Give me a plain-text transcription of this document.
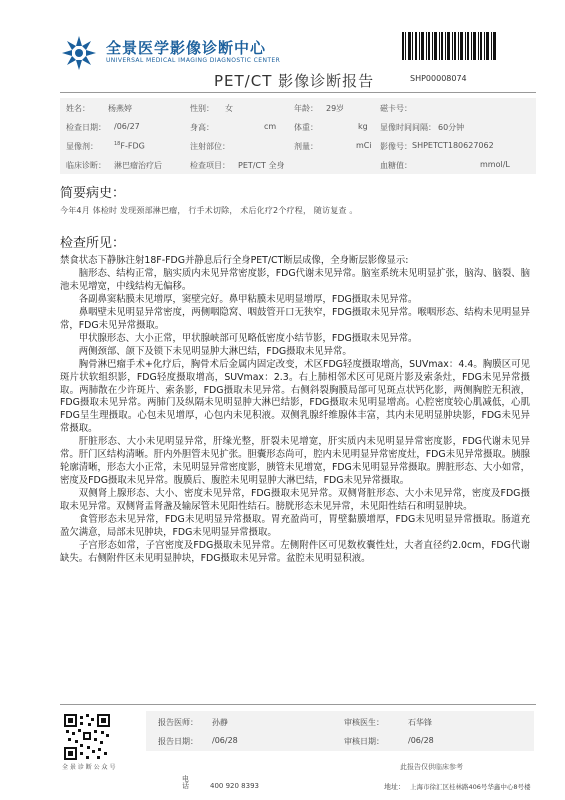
全景医学影像诊断中心
UNIVERSAL MEDICAL IMAGING DIAGNOSTIC CENTER
PET/CT 影像诊断报告	SHP00008074
姓名： 杨燕婷	性别： 女	年龄： 29岁	磁卡号：
检查日期： /06/27	身高：	cm 体重：	kg 显像时间间隔： 60分钟
显像剂：	$^{18}$F-FDG	注射部位：	剂量：	mCi 影像号： SHPETCT180627062
临床诊断： 淋巴瘤治疗后	检查项目： PET/CT 全身	血糖值：	mmol/L
简要病史：
今年4月 体检时 发现颈部淋巴瘤， 行手术切除， 术后化疗2个疗程， 随访复查 。
检查所见：

禁食状态下静脉注射18F-FDG并静息后行全身PET/CT断层成像，全身断层影像显示:

脑形态、结构正常，脑实质内未见异常密度影，FDG代谢未见异常。脑室系统未见明显扩张，脑沟、脑裂、脑池未见增宽，中线结构无偏移。

各副鼻窦粘膜未见增厚，窦壁完好。鼻甲粘膜未见明显增厚，FDG摄取未见异常。

鼻咽壁未见明显异常密度，两侧咽隐窝、咽鼓管开口无狭窄，FDG摄取未见异常。喉咽形态、结构未见明显异常，FDG未见异常摄取。

甲状腺形态、大小正常，甲状腺峡部可见略低密度小结节影，FDG摄取未见异常。

两侧颈部、颌下及锁下未见明显肿大淋巴结，FDG摄取未见异常。

胸骨淋巴瘤手术+化疗后，胸骨术后金属内固定改变，术区FDG轻度摄取增高，SUVmax：4.4。胸膜区可见斑片状软组织影，FDG轻度摄取增高，SUVmax：2.3。右上肺相邻术区可见斑片影及索条灶，FDG未见异常摄取。两肺散在少许斑片、索条影，FDG摄取未见异常。右侧斜裂胸膜局部可见斑点状钙化影，两侧胸腔无积液，FDG摄取未见异常。两肺门及纵隔未见明显肿大淋巴结影，FDG摄取未见明显增高。心腔密度较心肌减低，心肌FDG呈生理摄取。心包未见增厚，心包内未见积液。双侧乳腺纤维腺体丰富，其内未见明显肿块影，FDG未见异常摄取。

肝脏形态、大小未见明显异常，肝缘光整，肝裂未见增宽，肝实质内未见明显异常密度影，FDG代谢未见异常。肝门区结构清晰。肝内外胆管未见扩张。胆囊形态尚可，腔内未见明显异常密度灶，FDG未见异常摄取。胰腺轮廓清晰，形态大小正常，未见明显异常密度影，胰管未见增宽，FDG未见明显异常摄取。脾脏形态、大小如常，密度及FDG摄取未见异常。腹膜后、腹腔未见明显肿大淋巴结，FDG未见异常摄取。

双侧肾上腺形态、大小、密度未见异常，FDG摄取未见异常。双侧肾脏形态、大小未见异常，密度及FDG摄取未见异常。双侧肾盂肾盏及输尿管未见阳性结石。膀胱形态未见异常，未见阳性结石和明显肿块。

食管形态未见异常，FDG未见明显异常摄取。胃充盈尚可，胃壁黏膜增厚，FDG未见明显异常摄取。肠道充盈欠满意，局部未见肿块，FDG未见明显异常摄取。

子宫形态如常，子宫密度及FDG摄取未见异常。左侧附件区可见数枚囊性灶，大者直径约2.0cm，FDG代谢缺失。右侧附件区未见明显肿块，FDG摄取未见异常。盆腔未见明显积液。

全 景 诊 断 公 众 号
报告医师： 孙静	审核医生：	石华锋
报告日期： /06/28	审核日期：	/06/28
此报告仅供临床参考
电话	400 920 8393	地址： 上海市徐汇区桂林路406号华鑫中心8号楼
